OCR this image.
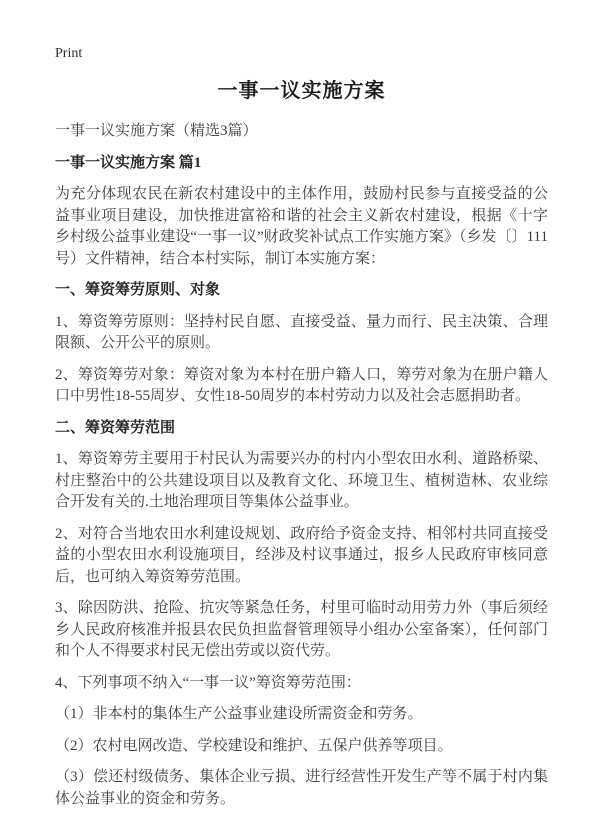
Print
一事一议实施方案

一事一议实施方案（精选3篇）

一事一议实施方案 篇1

为充分体现农民在新农村建设中的主体作用，鼓励村民参与直接受益的公益事业项目建设，加快推进富裕和谐的社会主义新农村建设，根据《十字乡村级公益事业建设“一事一议”财政奖补试点工作实施方案》（乡发〔〕111号）文件精神，结合本村实际，制订本实施方案：

一、筹资筹劳原则、对象

1、筹资筹劳原则：坚持村民自愿、直接受益、量力而行、民主决策、合理限额、公开公平的原则。

2、筹资筹劳对象：筹资对象为本村在册户籍人口，筹劳对象为在册户籍人口中男性18-55周岁、女性18-50周岁的本村劳动力以及社会志愿捐助者。

二、筹资筹劳范围

1、筹资筹劳主要用于村民认为需要兴办的村内小型农田水利、道路桥梁、村庄整治中的公共建设项目以及教育文化、环境卫生、植树造林、农业综合开发有关的.土地治理项目等集体公益事业。

2、对符合当地农田水利建设规划、政府给予资金支持、相邻村共同直接受益的小型农田水利设施项目，经涉及村议事通过，报乡人民政府审核同意后，也可纳入筹资筹劳范围。

3、除因防洪、抢险、抗灾等紧急任务，村里可临时动用劳力外（事后须经乡人民政府核准并报县农民负担监督管理领导小组办公室备案），任何部门和个人不得要求村民无偿出劳或以资代劳。

4、下列事项不纳入“一事一议”筹资筹劳范围：

（1）非本村的集体生产公益事业建设所需资金和劳务。

（2）农村电网改造、学校建设和维护、五保户供养等项目。

（3）偿还村级债务、集体企业亏损、进行经营性开发生产等不属于村内集体公益事业的资金和劳务。
